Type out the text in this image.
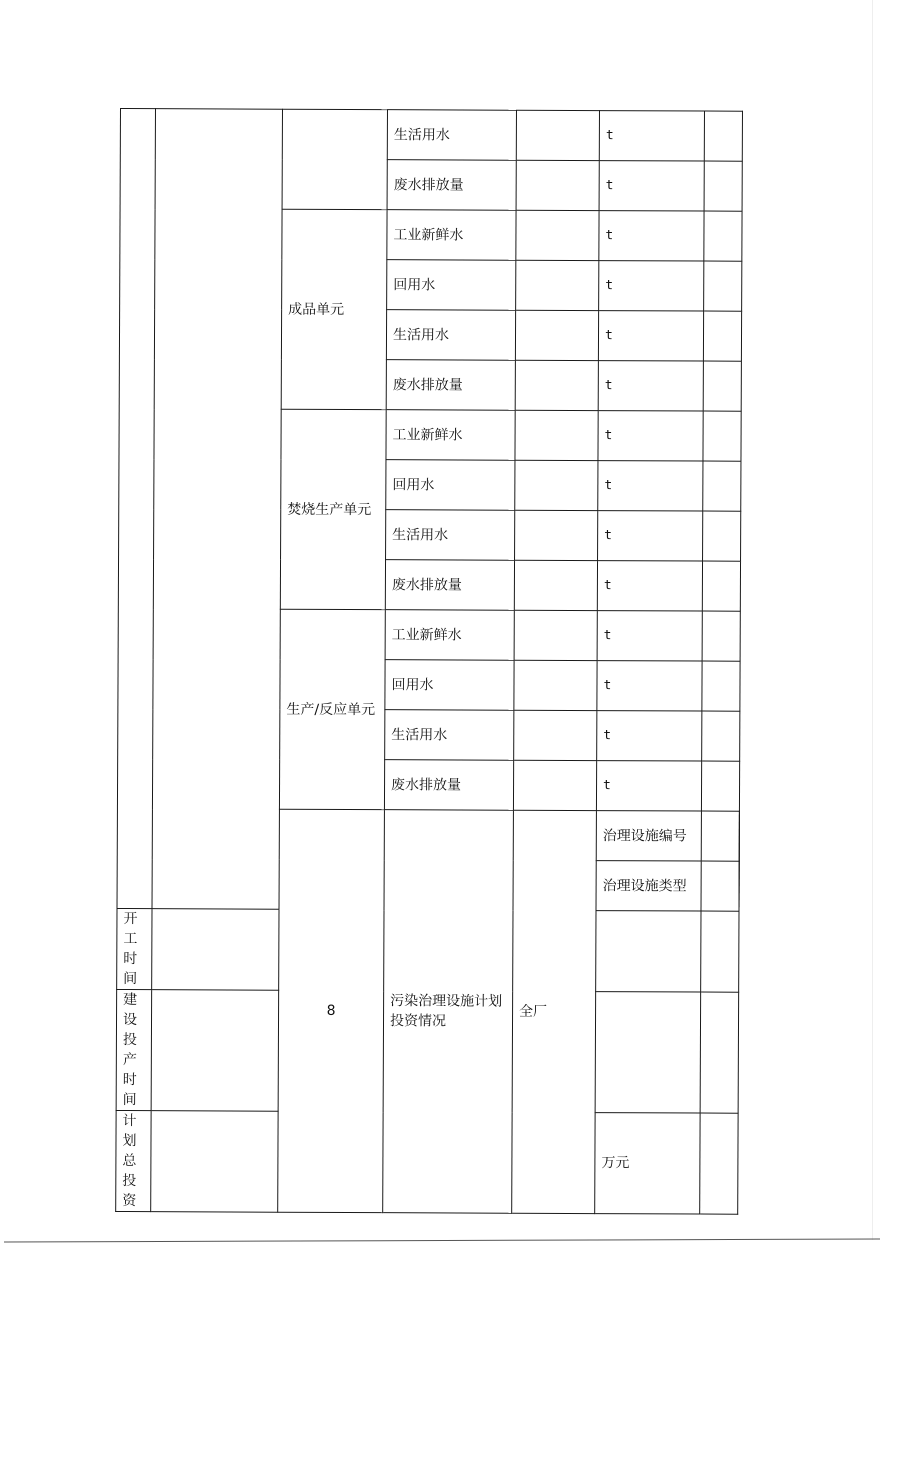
			生活用水		t		
			废水排放量		t		
		成品单元	工业新鲜水		t		
			回用水		t		
			生活用水		t		
			废水排放量		t		
		焚烧生产单元	工业新鲜水		t		
			回用水		t		
			生活用水		t		
			废水排放量		t		
		生产/反应单元	工业新鲜水		t		
			回用水		t		
			生活用水		t		
			废水排放量		t		
		8	污染治理设施计划投资情况	全厂	治理设施编号			
					治理设施类型			
开工时间							
建设投产时间							
计划总投资					万元		
